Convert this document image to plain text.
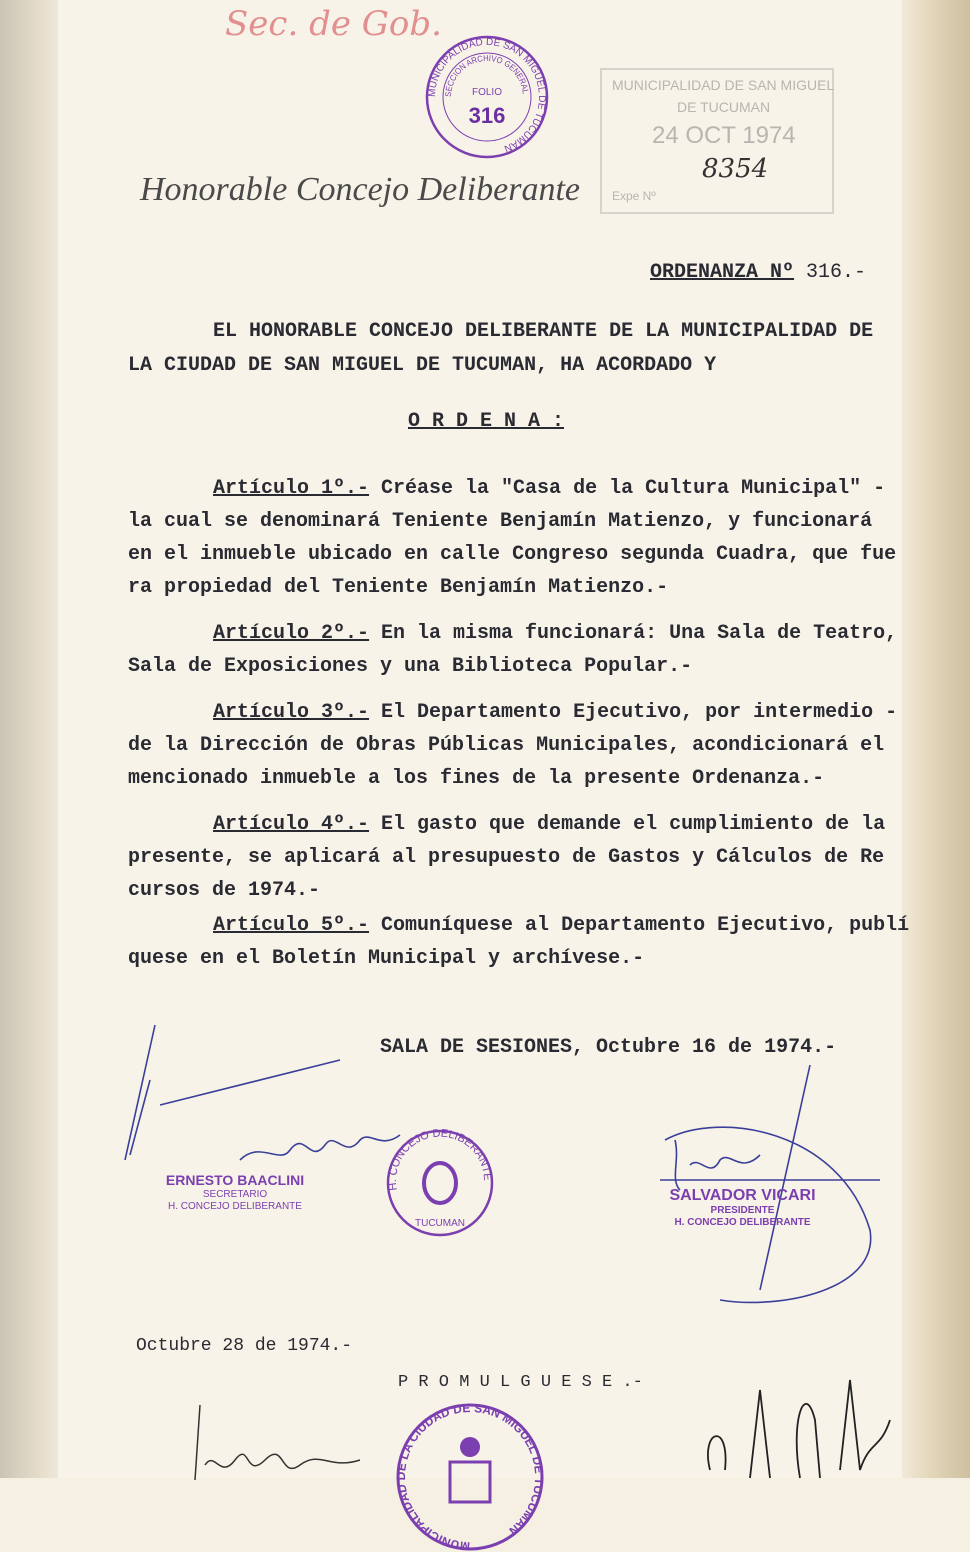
Sec. de Gob.
MUNICIPALIDAD DE SAN MIGUEL DE TUCUMAN
SECCION ARCHIVO GENERAL
FOLIO
316
MUNICIPALIDAD DE SAN MIGUEL
DE TUCUMAN
24 OCT 1974
Expe Nº
8354
Honorable Concejo Deliberante
ORDENANZA Nº 316.-
EL HONORABLE CONCEJO DELIBERANTE DE LA MUNICIPALIDAD DE
LA CIUDAD DE SAN MIGUEL DE TUCUMAN, HA ACORDADO Y
O R D E N A :
Artículo 1º.- Créase la "Casa de la Cultura Municipal" -
la cual se denominará Teniente Benjamín Matienzo, y funcionará
en el inmueble ubicado en calle Congreso segunda Cuadra, que fue
ra propiedad del Teniente Benjamín Matienzo.-
Artículo 2º.- En la misma funcionará: Una Sala de Teatro,
Sala de Exposiciones y una Biblioteca Popular.-
Artículo 3º.- El Departamento Ejecutivo, por intermedio -
de la Dirección de Obras Públicas Municipales, acondicionará el
mencionado inmueble a los fines de la presente Ordenanza.-
Artículo 4º.- El gasto que demande el cumplimiento de la
presente, se aplicará al presupuesto de Gastos y Cálculos de Re
cursos de 1974.-
Artículo 5º.- Comuníquese al Departamento Ejecutivo, publí
quese en el Boletín Municipal y archívese.-
SALA DE SESIONES, Octubre 16 de 1974.-
ERNESTO BAACLINI
SECRETARIO
H. CONCEJO DELIBERANTE
H. CONCEJO DELIBERANTE
TUCUMAN
SALVADOR VICARI
PRESIDENTE
H. CONCEJO DELIBERANTE
Octubre 28 de 1974.-
P R O M U L G U E S E .-
MUNICIPALIDAD DE LA CIUDAD DE SAN MIGUEL DE TUCUMAN
